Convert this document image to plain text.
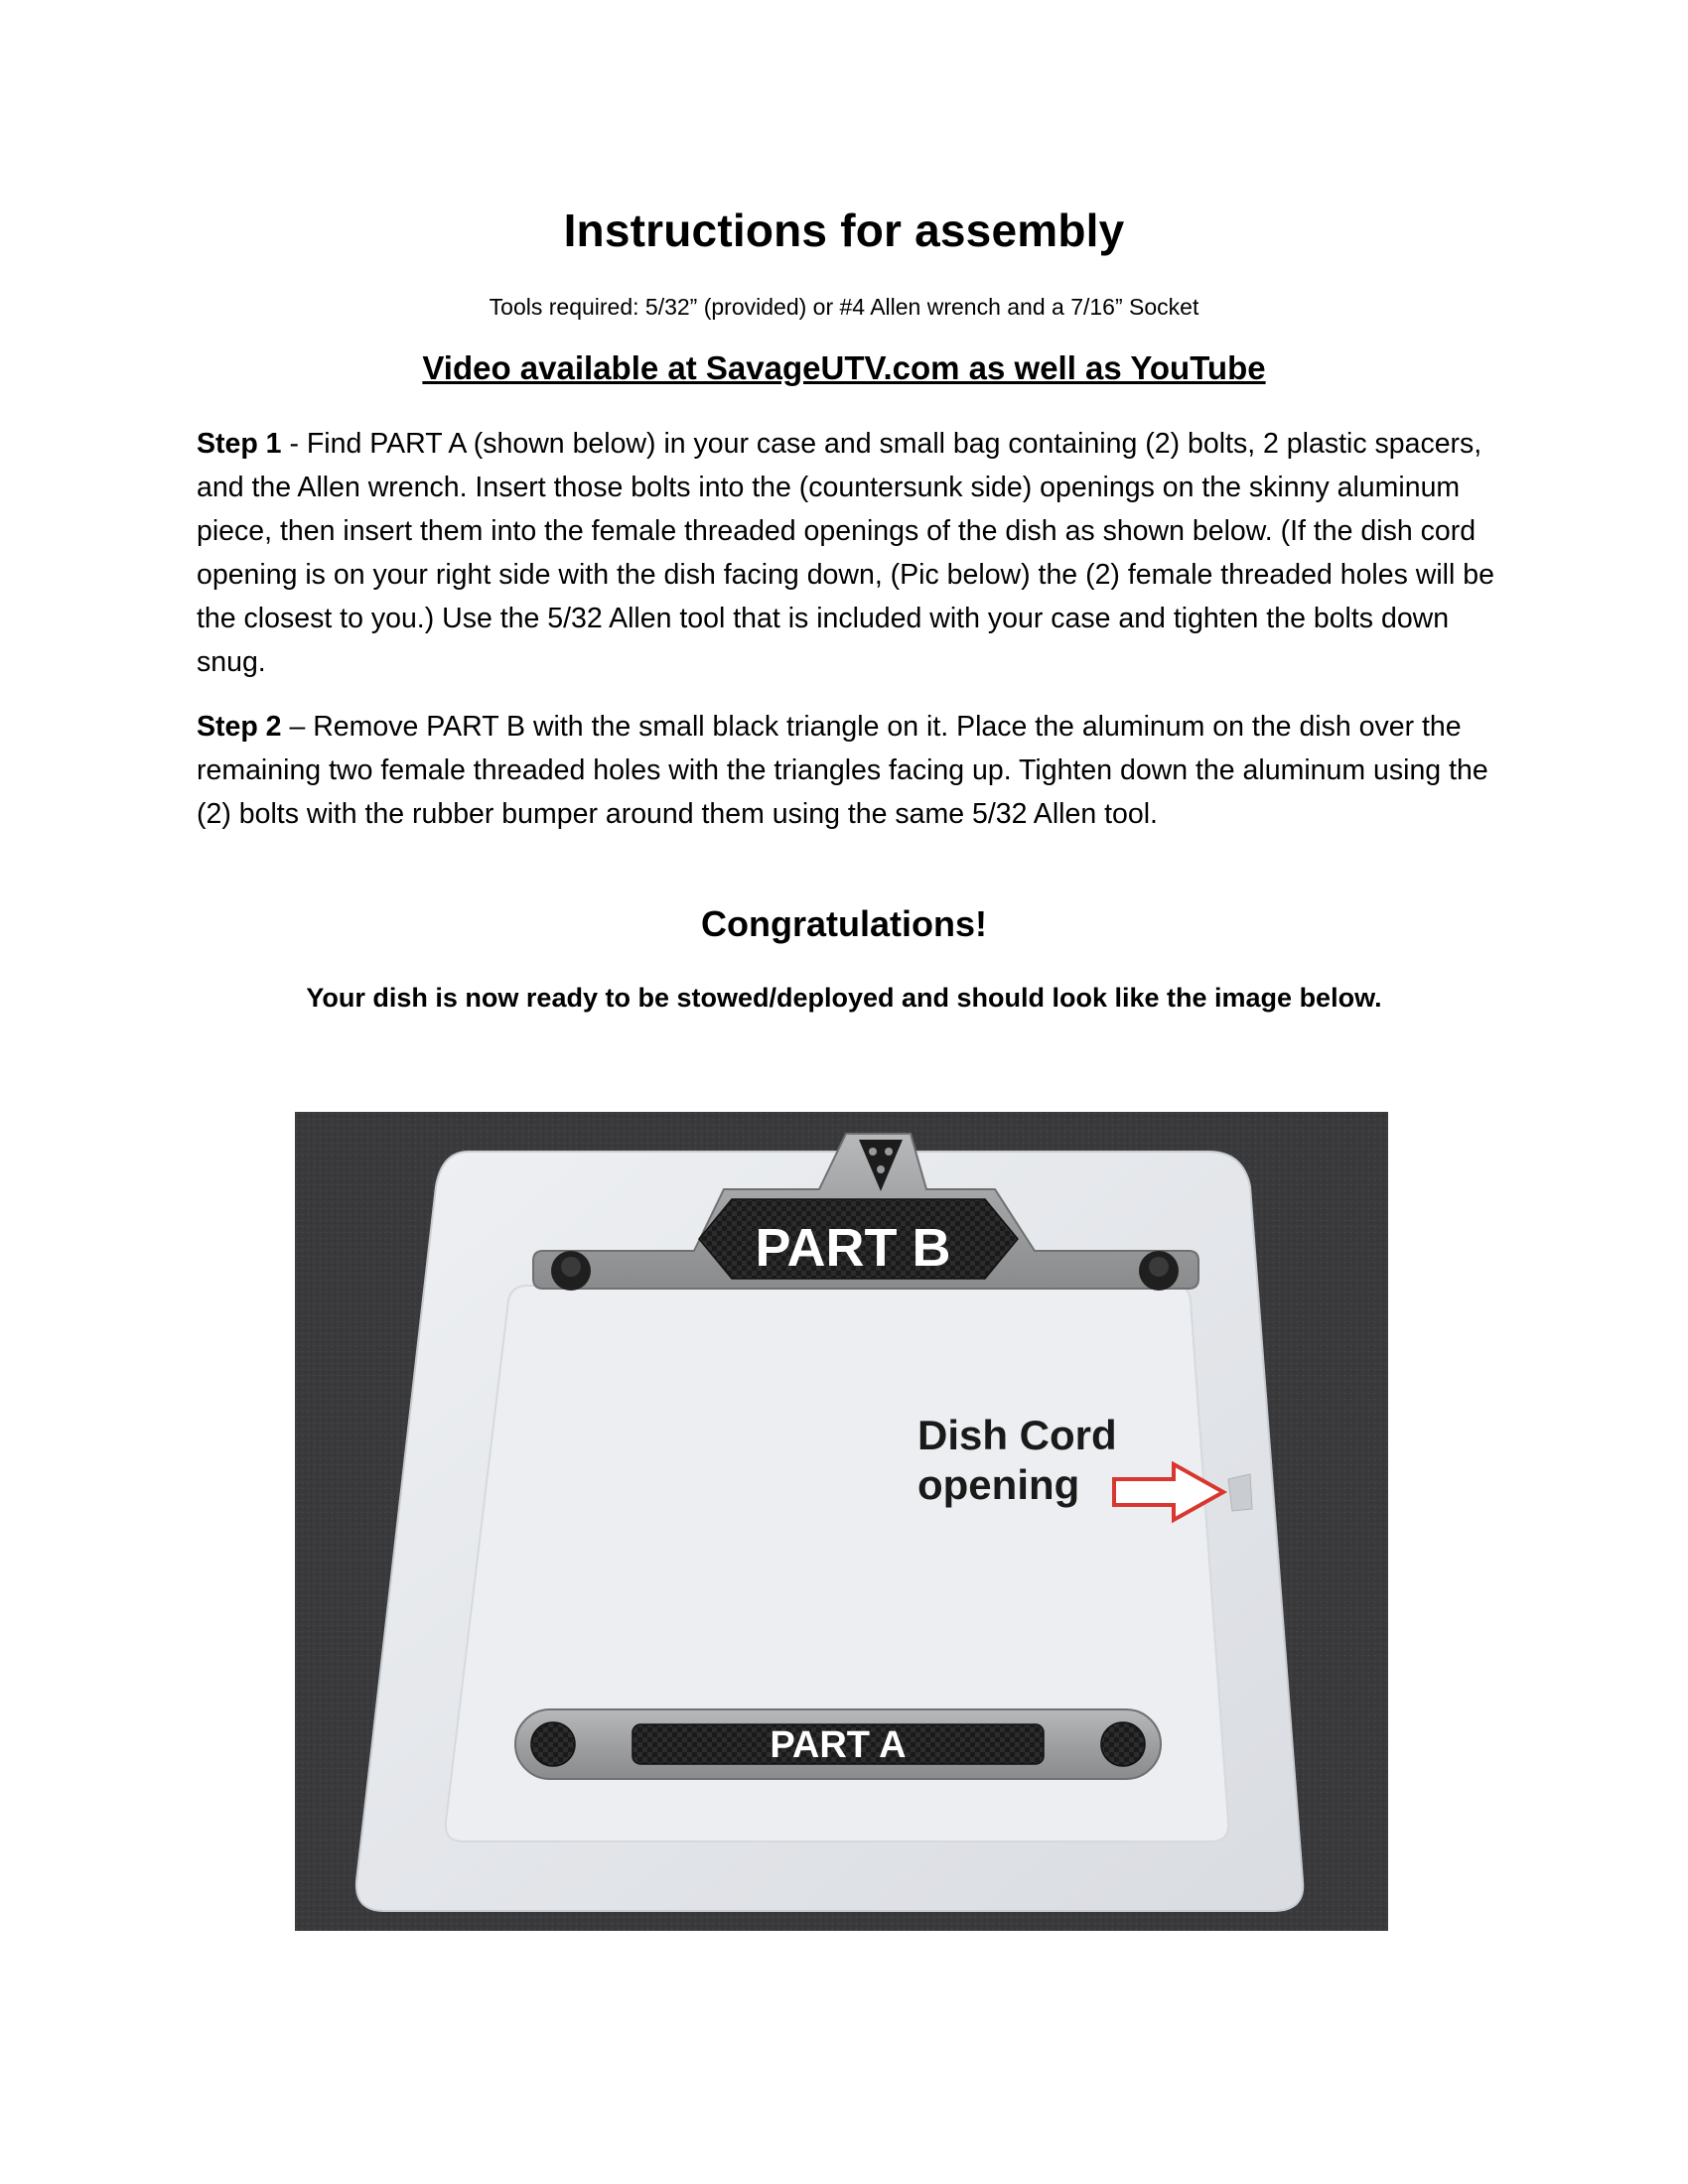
Instructions for assembly
Tools required: 5/32” (provided) or #4 Allen wrench and a 7/16” Socket
Video available at SavageUTV.com as well as YouTube
Step 1 - Find PART A (shown below) in your case and small bag containing (2) bolts, 2 plastic spacers, and the Allen wrench. Insert those bolts into the (countersunk side) openings on the skinny aluminum piece, then insert them into the female threaded openings of the dish as shown below. (If the dish cord opening is on your right side with the dish facing down, (Pic below) the (2) female threaded holes will be the closest to you.) Use the 5/32 Allen tool that is included with your case and tighten the bolts down snug.
Step 2 – Remove PART B with the small black triangle on it. Place the aluminum on the dish over the remaining two female threaded holes with the triangles facing up. Tighten down the aluminum using the (2) bolts with the rubber bumper around them using the same 5/32 Allen tool.
Congratulations!
Your dish is now ready to be stowed/deployed and should look like the image below.
PART B
Dish Cord
opening
PART A
